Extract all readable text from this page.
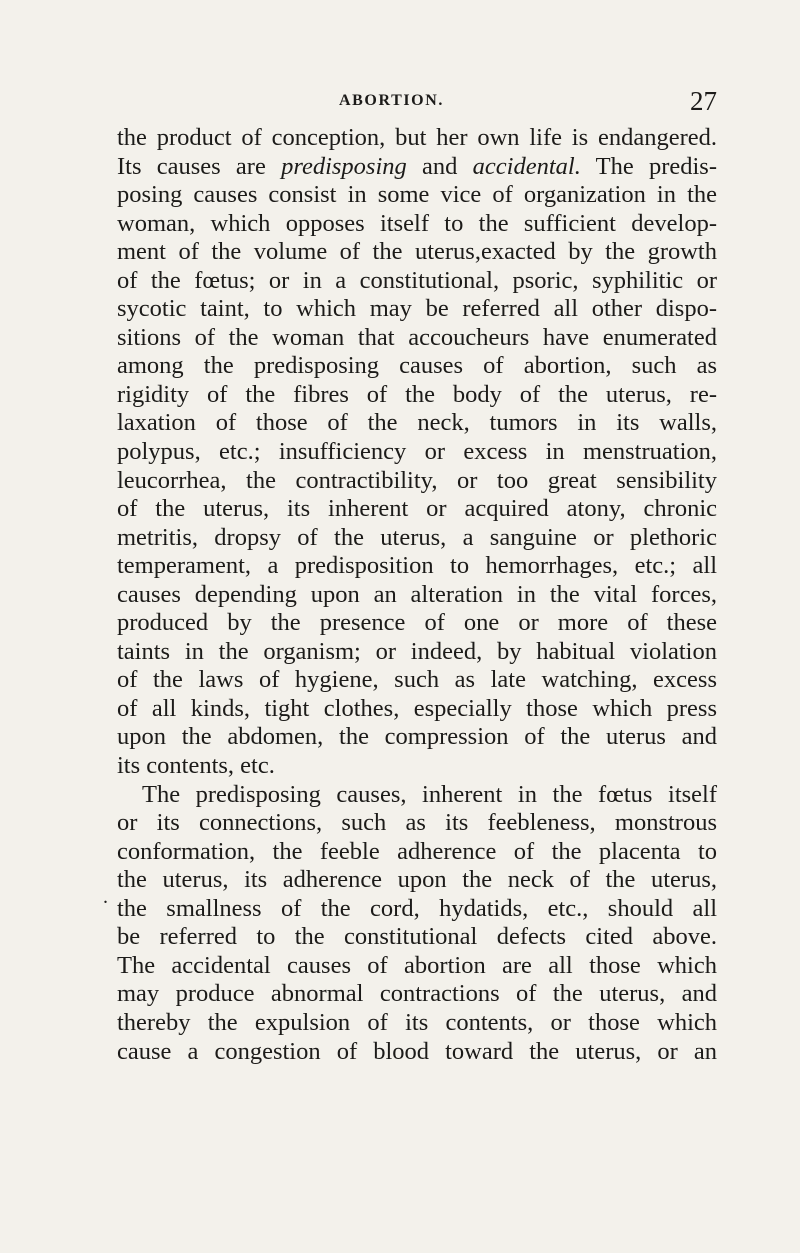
ABORTION.	27
.
the product of conception, but her own life is endangered.
Its causes are predisposing and accidental. The predis-
posing causes consist in some vice of organization in the
woman, which opposes itself to the sufficient develop-
ment of the volume of the uterus,exacted by the growth
of the fœtus; or in a constitutional, psoric, syphilitic or
sycotic taint, to which may be referred all other dispo-
sitions of the woman that accoucheurs have enumerated
among the predisposing causes of abortion, such as
rigidity of the fibres of the body of the uterus, re-
laxation of those of the neck, tumors in its walls,
polypus, etc.; insufficiency or excess in menstruation,
leucorrhea, the contractibility, or too great sensibility
of the uterus, its inherent or acquired atony, chronic
metritis, dropsy of the uterus, a sanguine or plethoric
temperament, a predisposition to hemorrhages, etc.; all
causes depending upon an alteration in the vital forces,
produced by the presence of one or more of these
taints in the organism; or indeed, by habitual violation
of the laws of hygiene, such as late watching, excess
of all kinds, tight clothes, especially those which press
upon the abdomen, the compression of the uterus and
its contents, etc.
The predisposing causes, inherent in the fœtus itself
or its connections, such as its feebleness, monstrous
conformation, the feeble adherence of the placenta to
the uterus, its adherence upon the neck of the uterus,
the smallness of the cord, hydatids, etc., should all
be referred to the constitutional defects cited above.
The accidental causes of abortion are all those which
may produce abnormal contractions of the uterus, and
thereby the expulsion of its contents, or those which
cause a congestion of blood toward the uterus, or an
